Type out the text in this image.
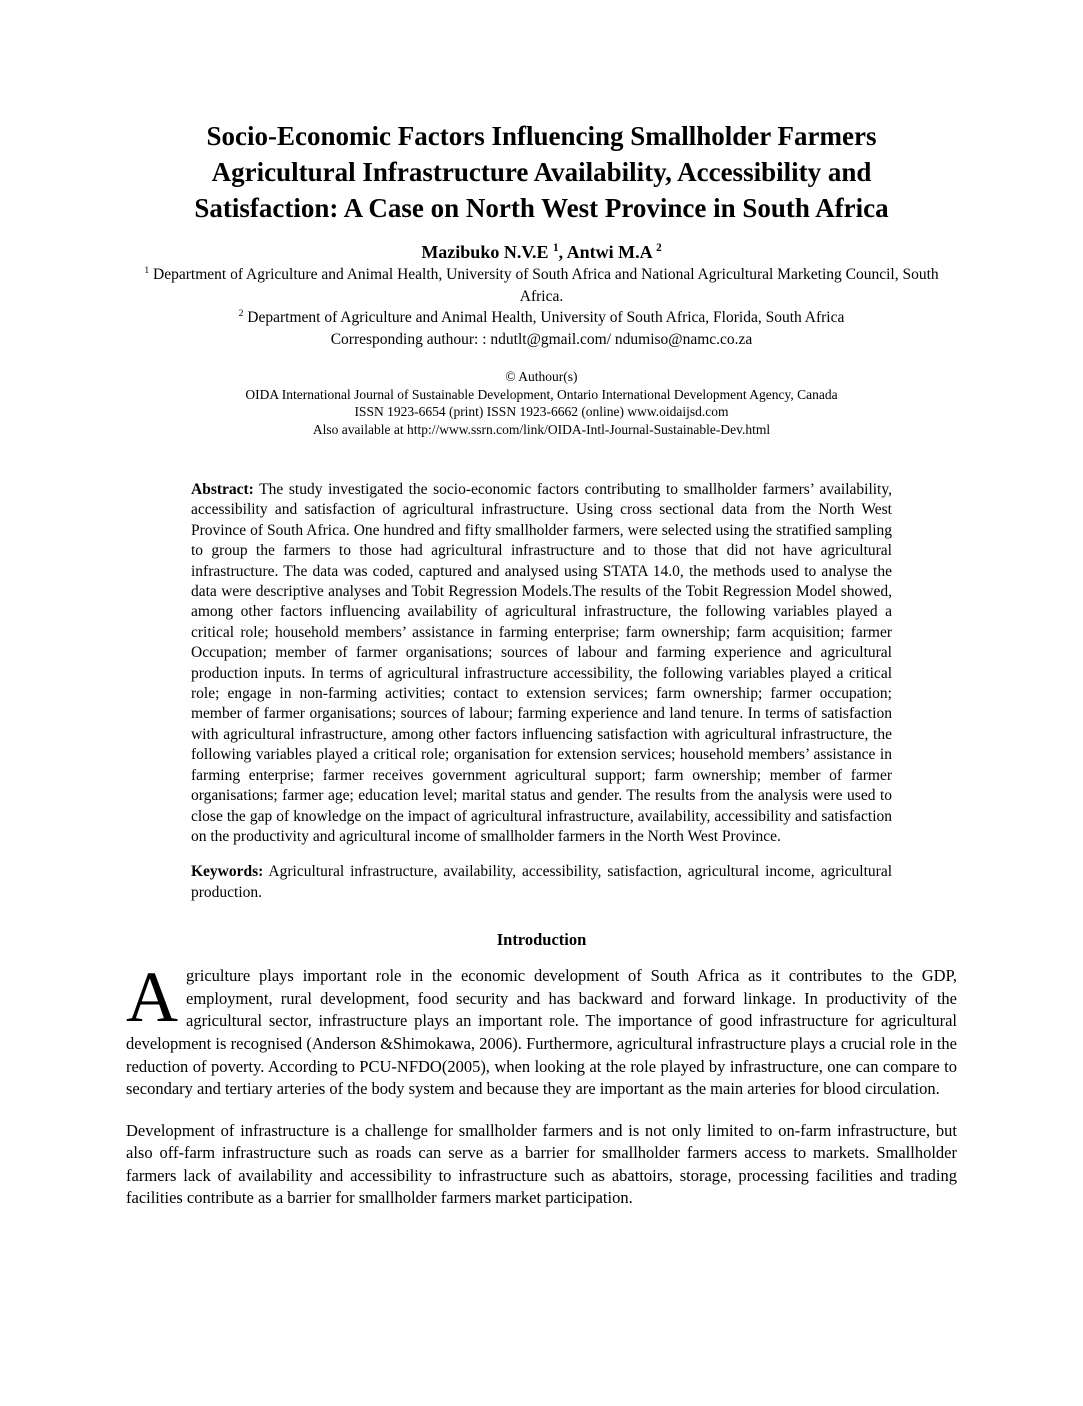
Socio-Economic Factors Influencing Smallholder Farmers
Agricultural Infrastructure Availability, Accessibility and
Satisfaction: A Case on North West Province in South Africa
Mazibuko N.V.E $^1$, Antwi M.A $^2$
$^1$ Department of Agriculture and Animal Health, University of South Africa and National Agricultural Marketing Council, South Africa.
$^2$ Department of Agriculture and Animal Health, University of South Africa, Florida, South Africa
Corresponding authour: : ndutlt@gmail.com/ ndumiso@namc.co.za
© Authour(s)
OIDA International Journal of Sustainable Development, Ontario International Development Agency, Canada
ISSN 1923-6654 (print) ISSN 1923-6662 (online) www.oidaijsd.com
Also available at http://www.ssrn.com/link/OIDA-Intl-Journal-Sustainable-Dev.html

Abstract: The study investigated the socio-economic factors contributing to smallholder farmers’ availability, accessibility and satisfaction of agricultural infrastructure. Using cross sectional data from the North West Province of South Africa. One hundred and fifty smallholder farmers, were selected using the stratified sampling to group the farmers to those had agricultural infrastructure and to those that did not have agricultural infrastructure. The data was coded, captured and analysed using STATA 14.0, the methods used to analyse the data were descriptive analyses and Tobit Regression Models.The results of the Tobit Regression Model showed, among other factors influencing availability of agricultural infrastructure, the following variables played a critical role; household members’ assistance in farming enterprise; farm ownership; farm acquisition; farmer Occupation; member of farmer organisations; sources of labour and farming experience and agricultural production inputs. In terms of agricultural infrastructure accessibility, the following variables played a critical role; engage in non-farming activities; contact to extension services; farm ownership; farmer occupation; member of farmer organisations; sources of labour; farming experience and land tenure. In terms of satisfaction with agricultural infrastructure, among other factors influencing satisfaction with agricultural infrastructure, the following variables played a critical role; organisation for extension services; household members’ assistance in farming enterprise; farmer receives government agricultural support; farm ownership; member of farmer organisations; farmer age; education level; marital status and gender. The results from the analysis were used to close the gap of knowledge on the impact of agricultural infrastructure, availability, accessibility and satisfaction on the productivity and agricultural income of smallholder farmers in the North West Province.

Keywords: Agricultural infrastructure, availability, accessibility, satisfaction, agricultural income, agricultural production.

Introduction

Agriculture plays important role in the economic development of South Africa as it contributes to the GDP, employment, rural development, food security and has backward and forward linkage. In productivity of the agricultural sector, infrastructure plays an important role. The importance of good infrastructure for agricultural development is recognised (Anderson &Shimokawa, 2006). Furthermore, agricultural infrastructure plays a crucial role in the reduction of poverty. According to PCU-NFDO(2005), when looking at the role played by infrastructure, one can compare to secondary and tertiary arteries of the body system and because they are important as the main arteries for blood circulation.

Development of infrastructure is a challenge for smallholder farmers and is not only limited to on-farm infrastructure, but also off-farm infrastructure such as roads can serve as a barrier for smallholder farmers access to markets. Smallholder farmers lack of availability and accessibility to infrastructure such as abattoirs, storage, processing facilities and trading facilities contribute as a barrier for smallholder farmers market participation.
